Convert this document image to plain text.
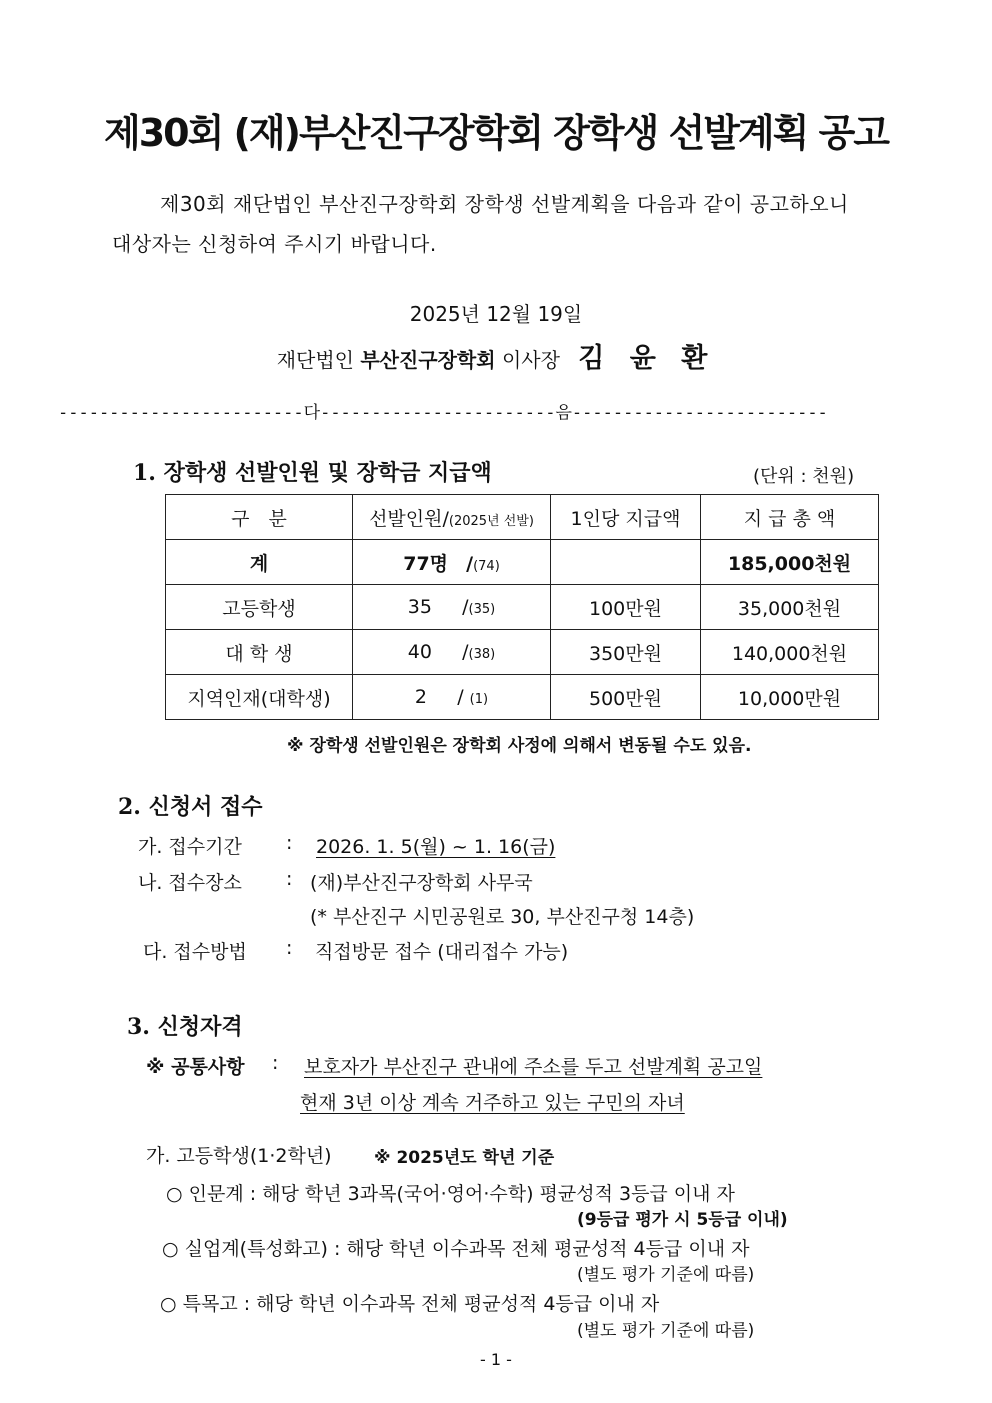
제30회 (재)부산진구장학회 장학생 선발계획 공고
제30회 재단법인 부산진구장학회 장학생 선발계획을 다음과 같이 공고하오니
대상자는 신청하여 주시기 바랍니다.
2025년 12월 19일
재단법인 부산진구장학회 이사장 김 윤 환
------------------------다-----------------------음-------------------------
1. 장학생 선발인원 및 장학금 지급액	(단위 : 천원)
구　분	선발인원/(2025년 선발)	1인당 지급액	지 급 총 액
계	77명 /(74)		185,000천원
고등학생	35     /(35)	100만원	35,000천원
대 학 생	40     /(38)	350만원	140,000천원
지역인재(대학생)	2     / (1)	500만원	10,000만원
※ 장학생 선발인원은 장학회 사정에 의해서 변동될 수도 있음.
2. 신청서 접수
가. 접수기간 : 2026. 1. 5(월) ~ 1. 16(금)
나. 접수장소 : (재)부산진구장학회 사무국
(* 부산진구 시민공원로 30, 부산진구청 14층)
다. 접수방법 : 직접방문 접수 (대리접수 가능)
3. 신청자격
※ 공통사항 : 보호자가 부산진구 관내에 주소를 두고 선발계획 공고일
현재 3년 이상 계속 거주하고 있는 구민의 자녀
가. 고등학생(1·2학년) ※ 2025년도 학년 기준
○ 인문계 : 해당 학년 3과목(국어·영어·수학) 평균성적 3등급 이내 자
(9등급 평가 시 5등급 이내)
○ 실업계(특성화고) : 해당 학년 이수과목 전체 평균성적 4등급 이내 자
(별도 평가 기준에 따름)
○ 특목고 : 해당 학년 이수과목 전체 평균성적 4등급 이내 자
(별도 평가 기준에 따름)
- 1 -
